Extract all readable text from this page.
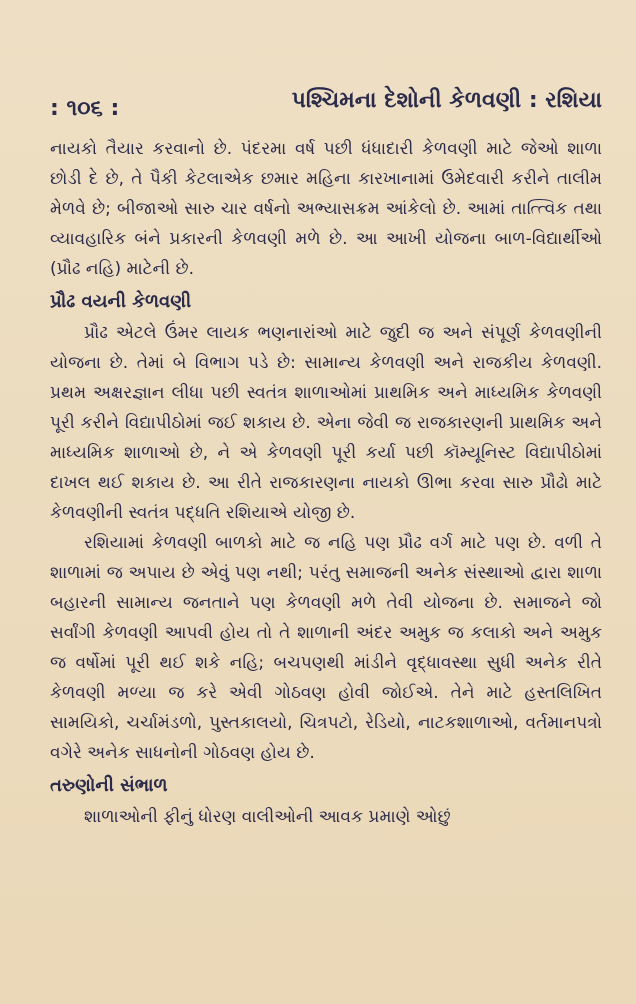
: ૧૦૬ :	પશ્ચિમના દેશોની કેળવણી : રશિયા

નાયકો તૈયાર કરવાનો છે. પંદરમા વર્ષ પછી ધંધાદારી કેળવણી માટે જેઓ શાળા છોડી દે છે, તે પૈકી કેટલાએક છમાર મહિના કારખાનામાં ઉમેદવારી કરીને તાલીમ મેળવે છે; બીજાઓ સારુ ચાર વર્ષનો અભ્યાસક્રમ આંકેલો છે. આમાં તાત્ત્વિક તથા વ્યાવહારિક બંને પ્રકારની કેળવણી મળે છે. આ આખી યોજના બાળ-વિદ્યાર્થીઓ (પ્રૌઢ નહિ) માટેની છે.

પ્રૌઢ વયની કેળવણી

પ્રૌઢ એટલે ઉંમર લાયક ભણનારાંઓ માટે જુદી જ અને સંપૂર્ણ કેળવણીની યોજના છે. તેમાં બે વિભાગ પડે છે: સામાન્ય કેળવણી અને રાજકીય કેળવણી. પ્રથમ અક્ષરજ્ઞાન લીધા પછી સ્વતંત્ર શાળાઓમાં પ્રાથમિક અને માધ્યમિક કેળવણી પૂરી કરીને વિદ્યાપીઠોમાં જઈ શકાય છે. એના જેવી જ રાજકારણની પ્રાથમિક અને માધ્યમિક શાળાઓ છે, ને એ કેળવણી પૂરી કર્યા પછી કૉમ્યૂનિસ્ટ વિદ્યાપીઠોમાં દાખલ થઈ શકાય છે. આ રીતે રાજકારણના નાયકો ઊભા કરવા સારુ પ્રૌઢો માટે કેળવણીની સ્વતંત્ર પદ્ધતિ રશિયાએ યોજી છે.

રશિયામાં કેળવણી બાળકો માટે જ નહિ પણ પ્રૌઢ વર્ગ માટે પણ છે. વળી તે શાળામાં જ અપાય છે એવું પણ નથી; પરંતુ સમાજની અનેક સંસ્થાઓ દ્વારા શાળા બહારની સામાન્ય જનતાને પણ કેળવણી મળે તેવી યોજના છે. સમાજને જો સર્વાંગી કેળવણી આપવી હોય તો તે શાળાની અંદર અમુક જ કલાકો અને અમુક જ વર્ષોમાં પૂરી થઈ શકે નહિ; બચપણથી માંડીને વૃદ્ધાવસ્થા સુધી અનેક રીતે કેળવણી મળ્યા જ કરે એવી ગોઠવણ હોવી જોઈએ. તેને માટે હસ્તલિખિત સામયિકો, ચર્ચામંડળો, પુસ્તકાલયો, ચિત્રપટો, રેડિયો, નાટકશાળાઓ, વર્તમાનપત્રો વગેરે અનેક સાધનોની ગોઠવણ હોય છે.

તરુણોની સંભાળ

શાળાઓની ફીનું ધોરણ વાલીઓની આવક પ્રમાણે ઓછું
